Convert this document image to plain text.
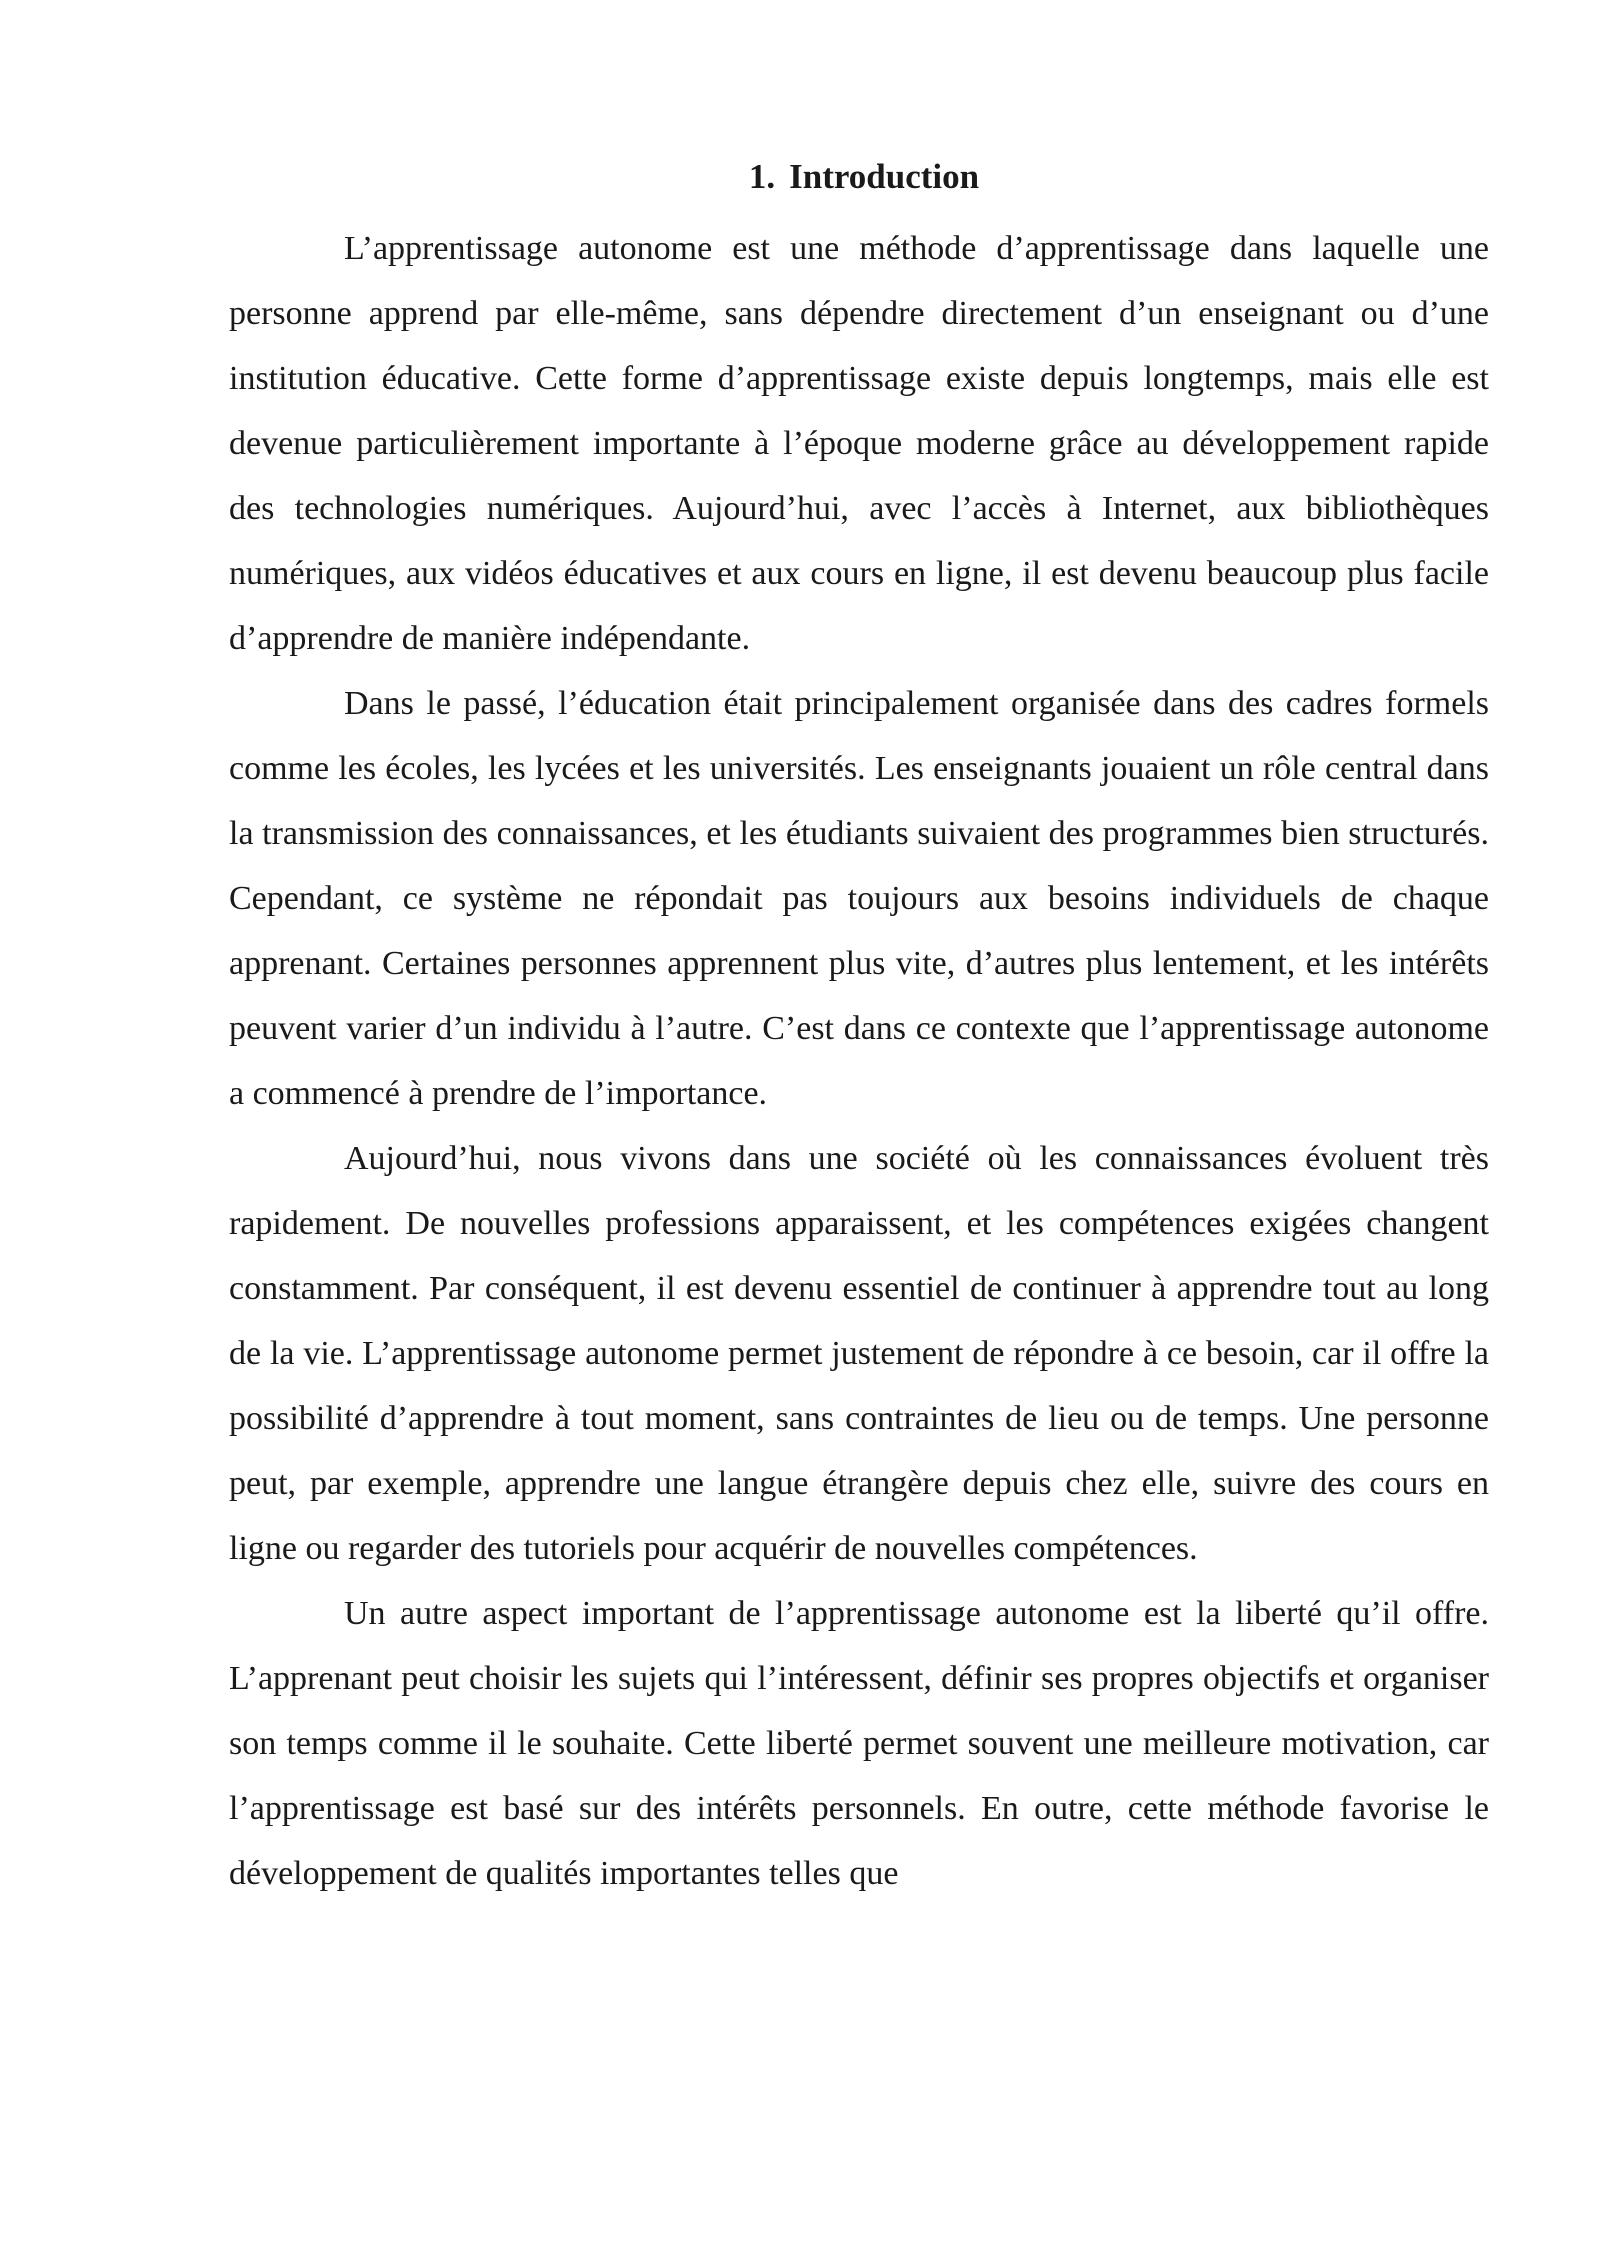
1. Introduction

L’apprentissage autonome est une méthode d’apprentissage dans laquelle une personne apprend par elle-même, sans dépendre directement d’un enseignant ou d’une institution éducative. Cette forme d’apprentissage existe depuis longtemps, mais elle est devenue particulièrement importante à l’époque moderne grâce au développement rapide des technologies numériques. Aujourd’hui, avec l’accès à Internet, aux bibliothèques numériques, aux vidéos éducatives et aux cours en ligne, il est devenu beaucoup plus facile d’apprendre de manière indépendante.

Dans le passé, l’éducation était principalement organisée dans des cadres formels comme les écoles, les lycées et les universités. Les enseignants jouaient un rôle central dans la transmission des connaissances, et les étudiants suivaient des programmes bien structurés. Cependant, ce système ne répondait pas toujours aux besoins individuels de chaque apprenant. Certaines personnes apprennent plus vite, d’autres plus lentement, et les intérêts peuvent varier d’un individu à l’autre. C’est dans ce contexte que l’apprentissage autonome a commencé à prendre de l’importance.

Aujourd’hui, nous vivons dans une société où les connaissances évoluent très rapidement. De nouvelles professions apparaissent, et les compétences exigées changent constamment. Par conséquent, il est devenu essentiel de continuer à apprendre tout au long de la vie. L’apprentissage autonome permet justement de répondre à ce besoin, car il offre la possibilité d’apprendre à tout moment, sans contraintes de lieu ou de temps. Une personne peut, par exemple, apprendre une langue étrangère depuis chez elle, suivre des cours en ligne ou regarder des tutoriels pour acquérir de nouvelles compétences.

Un autre aspect important de l’apprentissage autonome est la liberté qu’il offre. L’apprenant peut choisir les sujets qui l’intéressent, définir ses propres objectifs et organiser son temps comme il le souhaite. Cette liberté permet souvent une meilleure motivation, car l’apprentissage est basé sur des intérêts personnels. En outre, cette méthode favorise le développement de qualités importantes telles que
